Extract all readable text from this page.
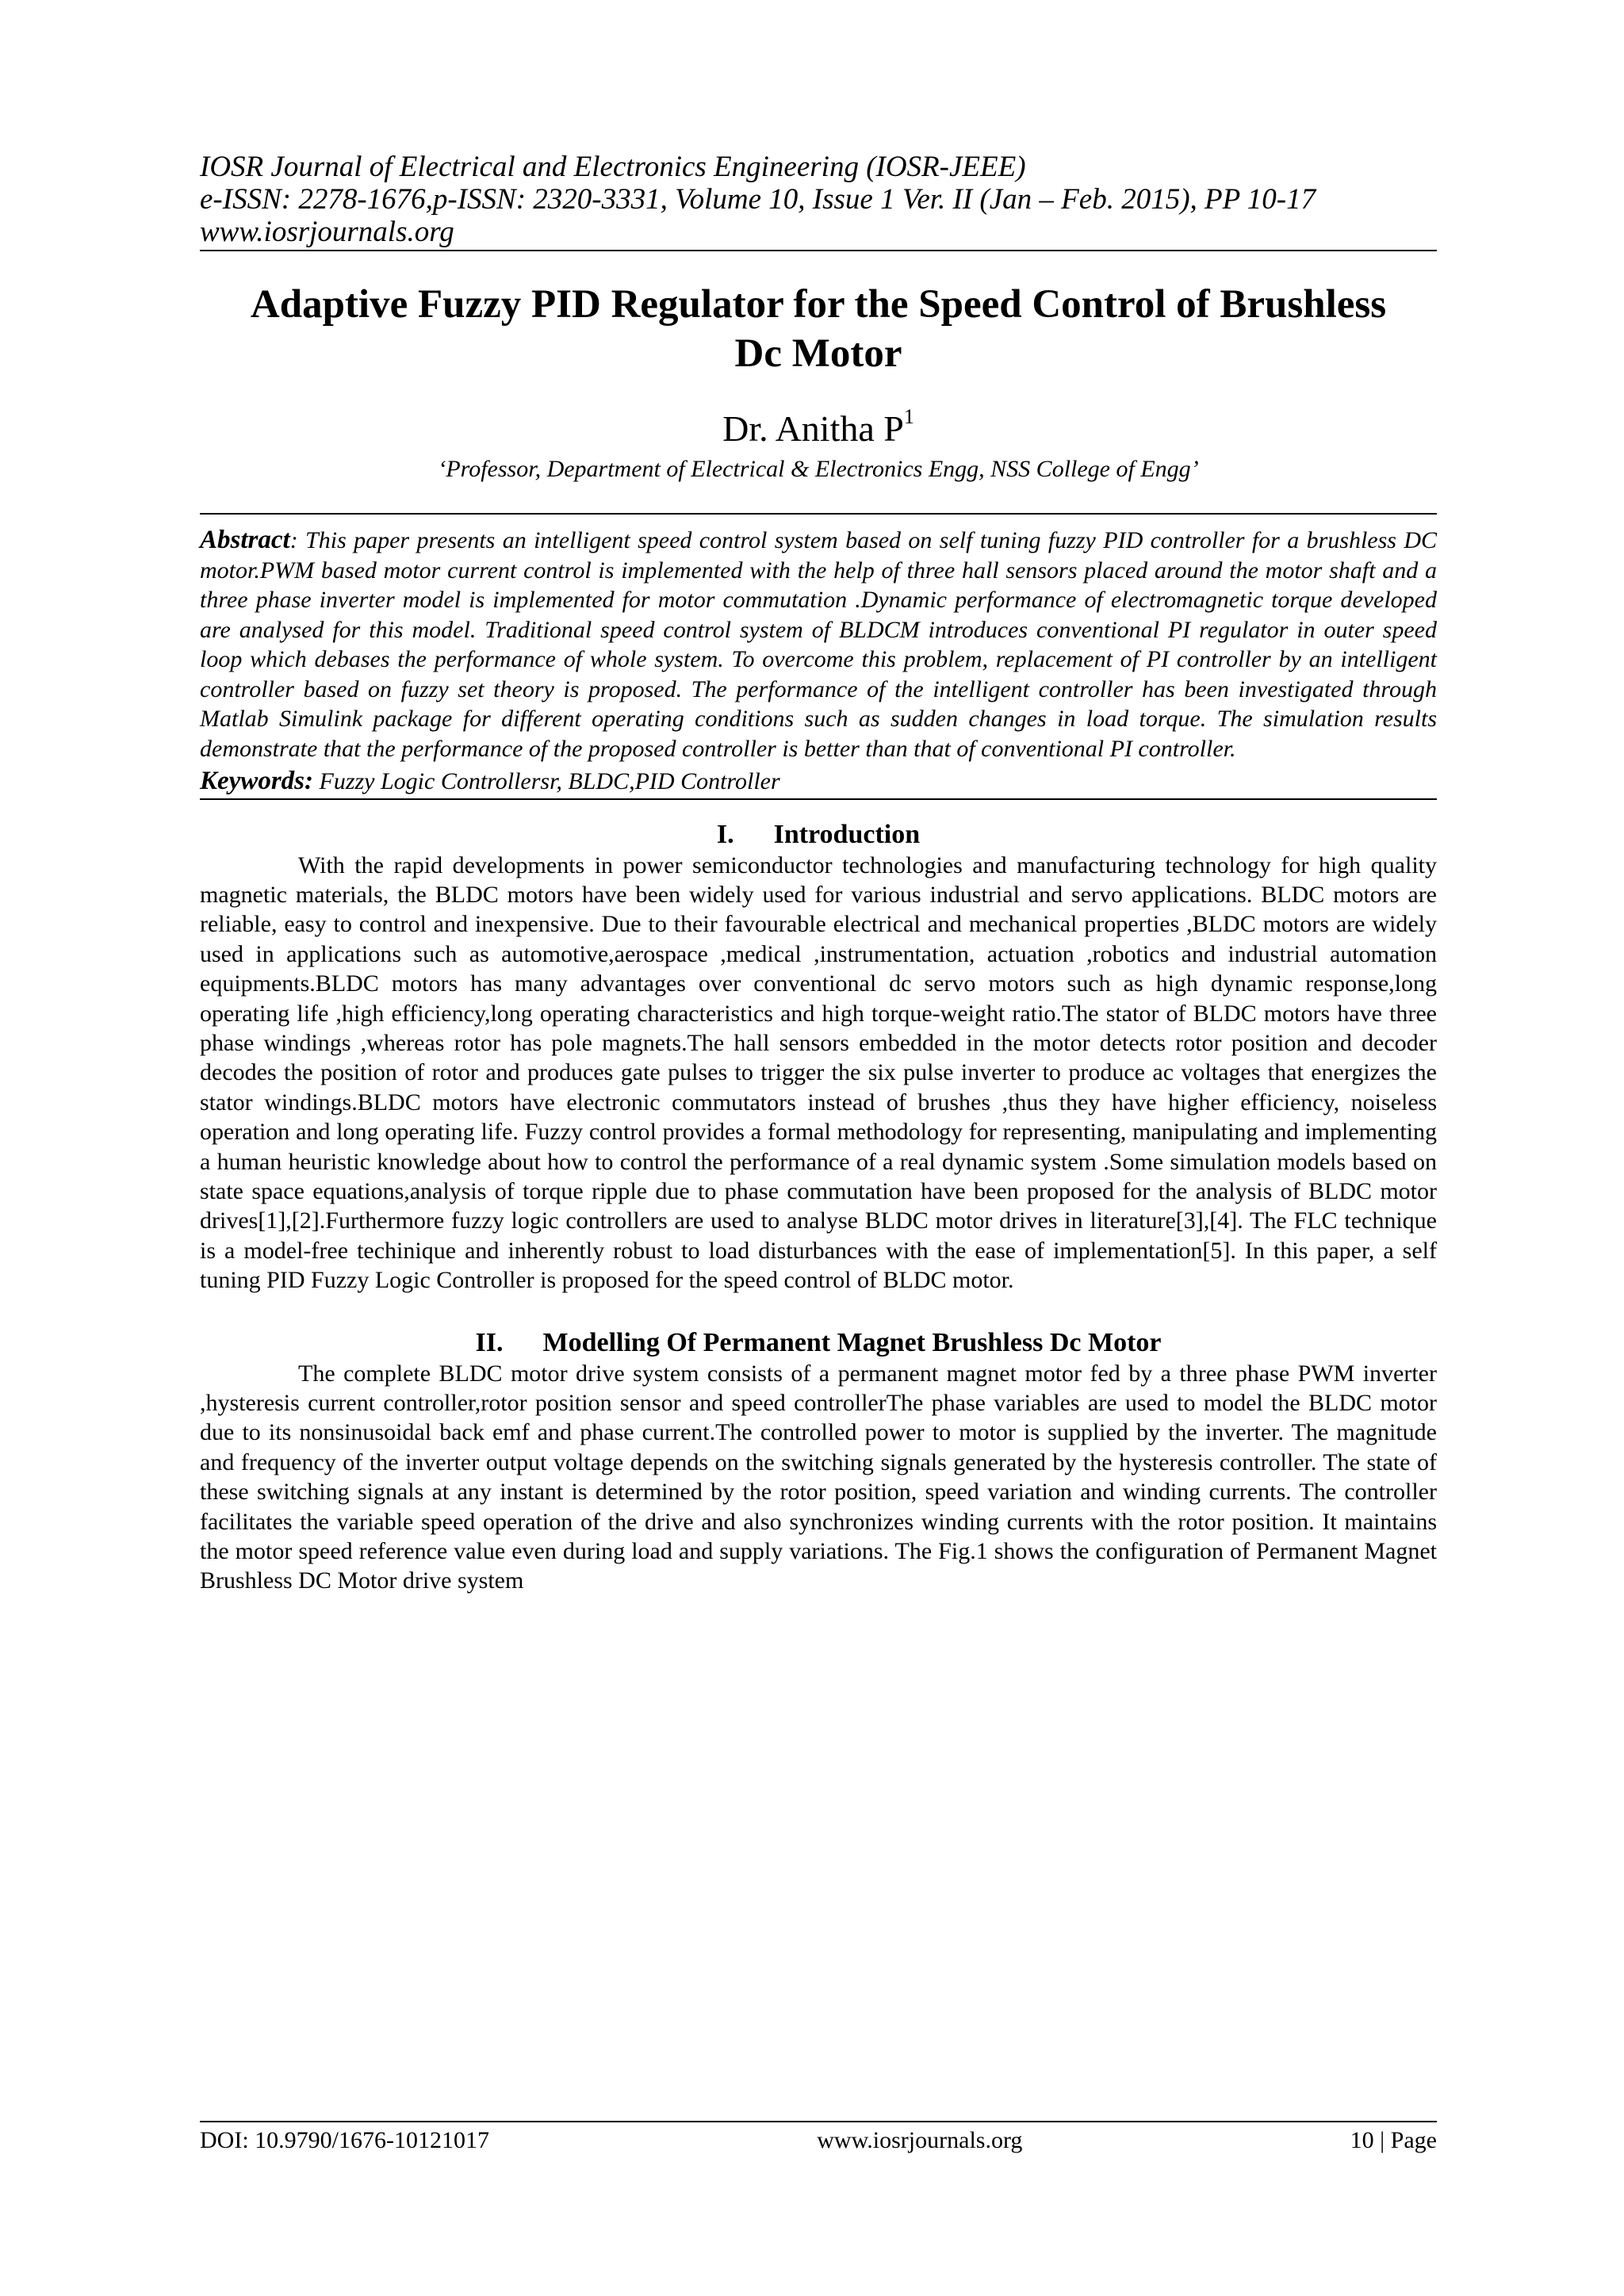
IOSR Journal of Electrical and Electronics Engineering (IOSR-JEEE)
e-ISSN: 2278-1676,p-ISSN: 2320-3331, Volume 10, Issue 1 Ver. II (Jan – Feb. 2015), PP 10-17
www.iosrjournals.org
Adaptive Fuzzy PID Regulator for the Speed Control of Brushless
Dc Motor
Dr. Anitha $P^1$
‘Professor, Department of Electrical & Electronics Engg, NSS College of Engg’
Abstract: This paper presents an intelligent speed control system based on self tuning fuzzy PID controller for a brushless DC motor.PWM based motor current control is implemented with the help of three hall sensors placed around the motor shaft and a three phase inverter model is implemented for motor commutation .Dynamic performance of electromagnetic torque developed are analysed for this model. Traditional speed control system of BLDCM introduces conventional PI regulator in outer speed loop which debases the performance of whole system. To overcome this problem, replacement of PI controller by an intelligent controller based on fuzzy set theory is proposed. The performance of the intelligent controller has been investigated through Matlab Simulink package for different operating conditions such as sudden changes in load torque. The simulation results demonstrate that the performance of the proposed controller is better than that of conventional PI controller.
Keywords: Fuzzy Logic Controllersr, BLDC,PID Controller
I. Introduction

With the rapid developments in power semiconductor technologies and manufacturing technology for high quality magnetic materials, the BLDC motors have been widely used for various industrial and servo applications. BLDC motors are reliable, easy to control and inexpensive. Due to their favourable electrical and mechanical properties ,BLDC motors are widely used in applications such as automotive,aerospace ,medical ,instrumentation, actuation ,robotics and industrial automation equipments.BLDC motors has many advantages over conventional dc servo motors such as high dynamic response,long operating life ,high efficiency,long operating characteristics and high torque-weight ratio.The stator of BLDC motors have three phase windings ,whereas rotor has pole magnets.The hall sensors embedded in the motor detects rotor position and decoder decodes the position of rotor and produces gate pulses to trigger the six pulse inverter to produce ac voltages that energizes the stator windings.BLDC motors have electronic commutators instead of brushes ,thus they have higher efficiency, noiseless operation and long operating life. Fuzzy control provides a formal methodology for representing, manipulating and implementing a human heuristic knowledge about how to control the performance of a real dynamic system .Some simulation models based on state space equations,analysis of torque ripple due to phase commutation have been proposed for the analysis of BLDC motor drives[1],[2].Furthermore fuzzy logic controllers are used to analyse BLDC motor drives in literature[3],[4]. The FLC technique is a model-free techinique and inherently robust to load disturbances with the ease of implementation[5]. In this paper, a self tuning PID Fuzzy Logic Controller is proposed for the speed control of BLDC motor.

II. Modelling Of Permanent Magnet Brushless Dc Motor

The complete BLDC motor drive system consists of a permanent magnet motor fed by a three phase PWM inverter ,hysteresis current controller,rotor position sensor and speed controllerThe phase variables are used to model the BLDC motor due to its nonsinusoidal back emf and phase current.The controlled power to motor is supplied by the inverter. The magnitude and frequency of the inverter output voltage depends on the switching signals generated by the hysteresis controller. The state of these switching signals at any instant is determined by the rotor position, speed variation and winding currents. The controller facilitates the variable speed operation of the drive and also synchronizes winding currents with the rotor position. It maintains the motor speed reference value even during load and supply variations. The Fig.1 shows the configuration of Permanent Magnet Brushless DC Motor drive system

DOI: 10.9790/1676-10121017	www.iosrjournals.org	10 | Page
